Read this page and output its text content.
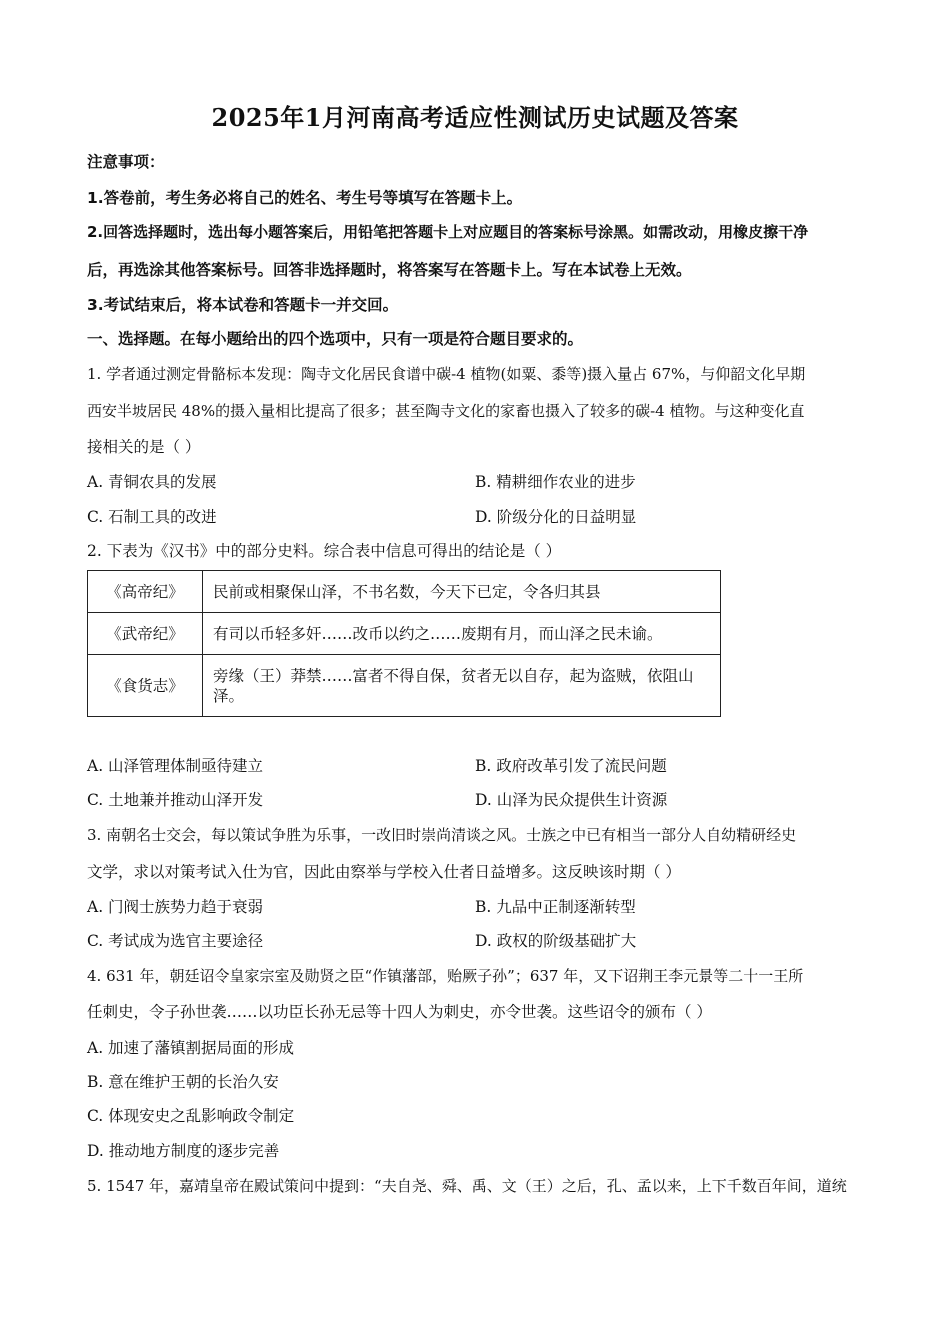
2025年1月河南高考适应性测试历史试题及答案
注意事项：
1.答卷前，考生务必将自己的姓名、考生号等填写在答题卡上。
2.回答选择题时，选出每小题答案后，用铅笔把答题卡上对应题目的答案标号涂黑。如需改动，用橡皮擦干净
后，再选涂其他答案标号。回答非选择题时，将答案写在答题卡上。写在本试卷上无效。
3.考试结束后，将本试卷和答题卡一并交回。
一、选择题。在每小题给出的四个选项中，只有一项是符合题目要求的。
1. 学者通过测定骨骼标本发现：陶寺文化居民食谱中碳-4 植物(如粟、黍等)摄入量占 67%，与仰韶文化早期
西安半坡居民 48%的摄入量相比提高了很多；甚至陶寺文化的家畜也摄入了较多的碳-4 植物。与这种变化直
接相关的是（ ）
A. 青铜农具的发展	B. 精耕细作农业的进步
C. 石制工具的改进	D. 阶级分化的日益明显
2. 下表为《汉书》中的部分史料。综合表中信息可得出的结论是（ ）
《高帝纪》	民前或相聚保山泽，不书名数，今天下已定，令各归其县
《武帝纪》	有司以币轻多奸……改币以约之……废期有月，而山泽之民未谕。
《食货志》	旁缘（王）莽禁……富者不得自保，贫者无以自存，起为盗贼，依阻山泽。
A. 山泽管理体制亟待建立	B. 政府改革引发了流民问题
C. 土地兼并推动山泽开发	D. 山泽为民众提供生计资源
3. 南朝名士交会，每以策试争胜为乐事，一改旧时崇尚清谈之风。士族之中已有相当一部分人自幼精研经史
文学，求以对策考试入仕为官，因此由察举与学校入仕者日益增多。这反映该时期（ ）
A. 门阀士族势力趋于衰弱	B. 九品中正制逐渐转型
C. 考试成为选官主要途径	D. 政权的阶级基础扩大
4. 631 年，朝廷诏令皇家宗室及勋贤之臣“作镇藩部，贻厥子孙”；637 年，又下诏荆王李元景等二十一王所
任刺史，令子孙世袭……以功臣长孙无忌等十四人为刺史，亦令世袭。这些诏令的颁布（ ）
A. 加速了藩镇割据局面的形成
B. 意在维护王朝的长治久安
C. 体现安史之乱影响政令制定
D. 推动地方制度的逐步完善
5. 1547 年，嘉靖皇帝在殿试策问中提到：“夫自尧、舜、禹、文（王）之后，孔、孟以来，上下千数百年间，道统
